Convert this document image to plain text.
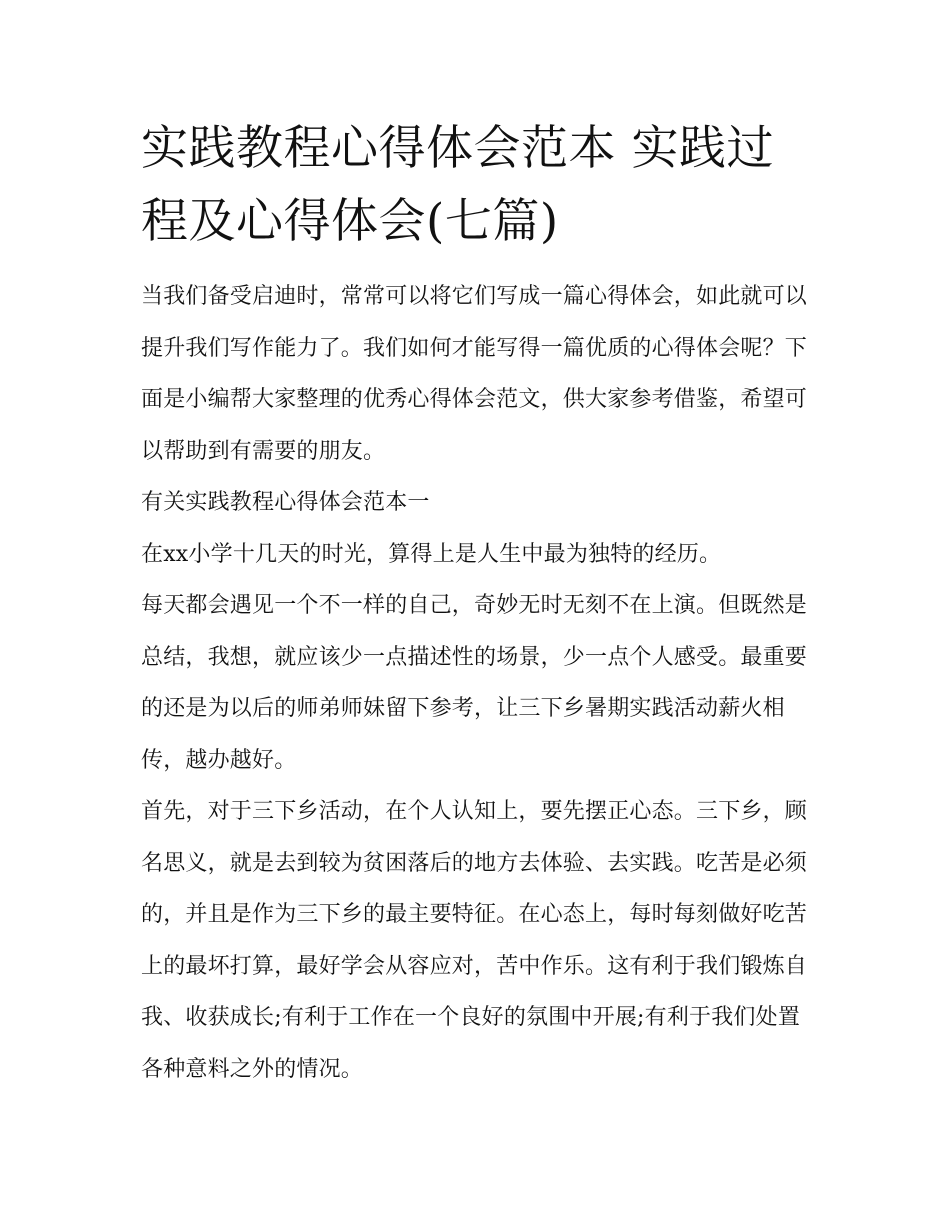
实践教程心得体会范本 实践过程及心得体会(七篇)

当我们备受启迪时，常常可以将它们写成一篇心得体会，如此就可以提升我们写作能力了。我们如何才能写得一篇优质的心得体会呢？下面是小编帮大家整理的优秀心得体会范文，供大家参考借鉴，希望可以帮助到有需要的朋友。

有关实践教程心得体会范本一

在xx小学十几天的时光，算得上是人生中最为独特的经历。

每天都会遇见一个不一样的自己，奇妙无时无刻不在上演。但既然是总结，我想，就应该少一点描述性的场景，少一点个人感受。最重要的还是为以后的师弟师妹留下参考，让三下乡暑期实践活动薪火相传，越办越好。

首先，对于三下乡活动，在个人认知上，要先摆正心态。三下乡，顾名思义，就是去到较为贫困落后的地方去体验、去实践。吃苦是必须的，并且是作为三下乡的最主要特征。在心态上，每时每刻做好吃苦上的最坏打算，最好学会从容应对，苦中作乐。这有利于我们锻炼自我、收获成长;有利于工作在一个良好的氛围中开展;有利于我们处置各种意料之外的情况。
